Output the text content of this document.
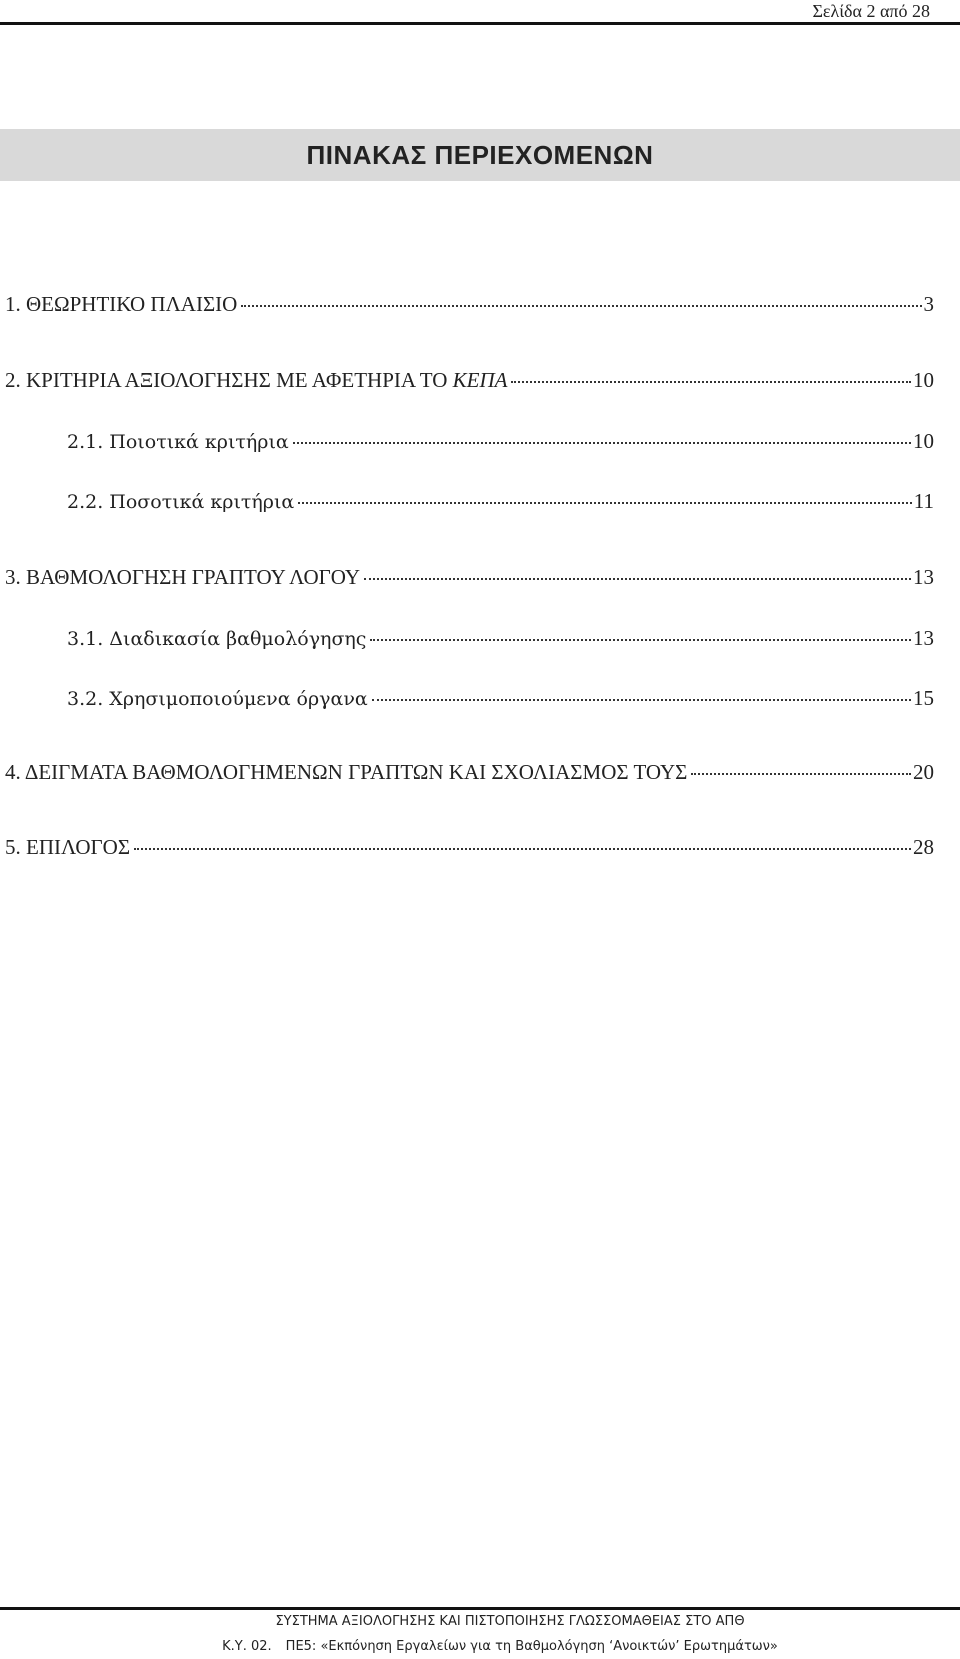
Σελίδα 2 από 28
ΠΙΝΑΚΑΣ ΠΕΡΙΕΧΟΜΕΝΩΝ
1. ΘΕΩΡΗΤΙΚΟ ΠΛΑΙΣΙΟ	3
2. ΚΡΙΤΗΡΙΑ ΑΞΙΟΛΟΓΗΣΗΣ ΜΕ ΑΦΕΤΗΡΙΑ ΤΟ ΚΕΠΑ	10
2.1. Ποιοτικά κριτήρια	10
2.2. Ποσοτικά κριτήρια	11
3. ΒΑΘΜΟΛΟΓΗΣΗ ΓΡΑΠΤΟΥ ΛΟΓΟΥ	13
3.1. Διαδικασία βαθμολόγησης	13
3.2. Χρησιμοποιούμενα όργανα	15
4. ΔΕΙΓΜΑΤΑ ΒΑΘΜΟΛΟΓΗΜΕΝΩΝ ΓΡΑΠΤΩΝ ΚΑΙ ΣΧΟΛΙΑΣΜΟΣ ΤΟΥΣ	20
5. ΕΠΙΛΟΓΟΣ	28
ΣΥΣΤΗΜΑ ΑΞΙΟΛΟΓΗΣΗΣ ΚΑΙ ΠΙΣΤΟΠΟΙΗΣΗΣ ΓΛΩΣΣΟΜΑΘΕΙΑΣ ΣΤΟ ΑΠΘ
Κ.Υ. 02. ΠΕ5: «Εκπόνηση Εργαλείων για τη Βαθμολόγηση ‘Ανοικτών’ Ερωτημάτων»
